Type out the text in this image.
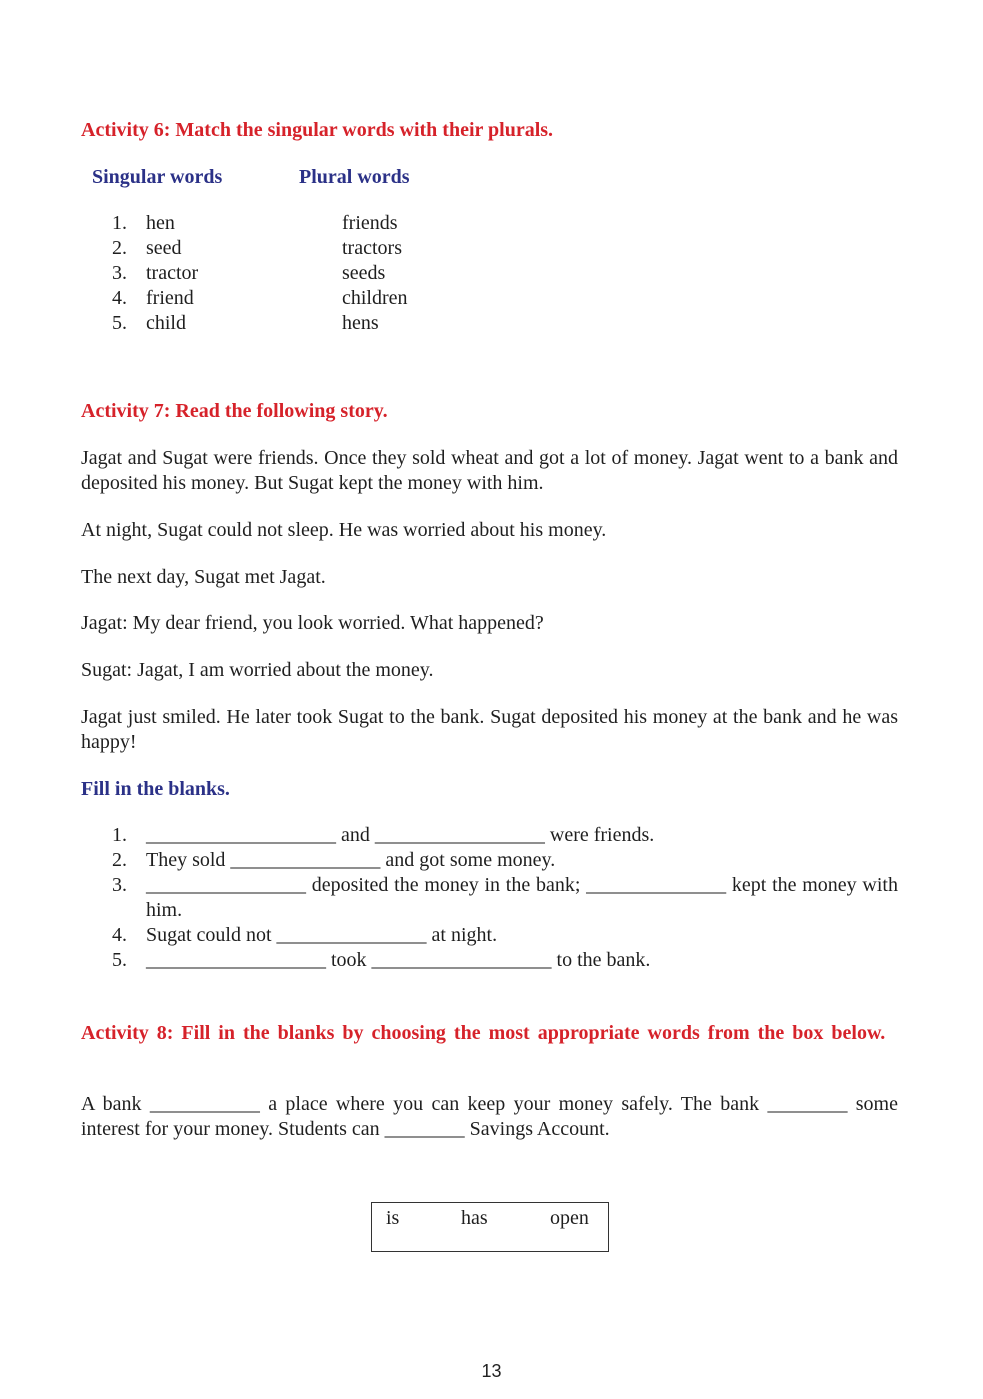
Activity 6: Match the singular words with their plurals.

Singular words	Plural words
1. hen	friends
2. seed	tractors
3. tractor	seeds
4. friend	children
5. child	hens

Activity 7: Read the following story.

Jagat and Sugat were friends. Once they sold wheat and got a lot of money. Jagat went to a bank and deposited his money. But Sugat kept the money with him.

At night, Sugat could not sleep. He was worried about his money.

The next day, Sugat met Jagat.

Jagat: My dear friend, you look worried. What happened?

Sugat: Jagat, I am worried about the money.

Jagat just smiled. He later took Sugat to the bank. Sugat deposited his money at the bank and he was happy!

Fill in the blanks.

1. ___________________ and _________________ were friends.
2. They sold _______________ and got some money.
3. ________________ deposited the money in the bank; ______________ kept the money with him.
4. Sugat could not _______________ at night.
5. __________________ took __________________ to the bank.

Activity 8: Fill in the blanks by choosing the most appropriate words from the box below.

A bank ___________ a place where you can keep your money safely. The bank ________ some interest for your money. Students can ________ Savings Account.

is	has	open
13
